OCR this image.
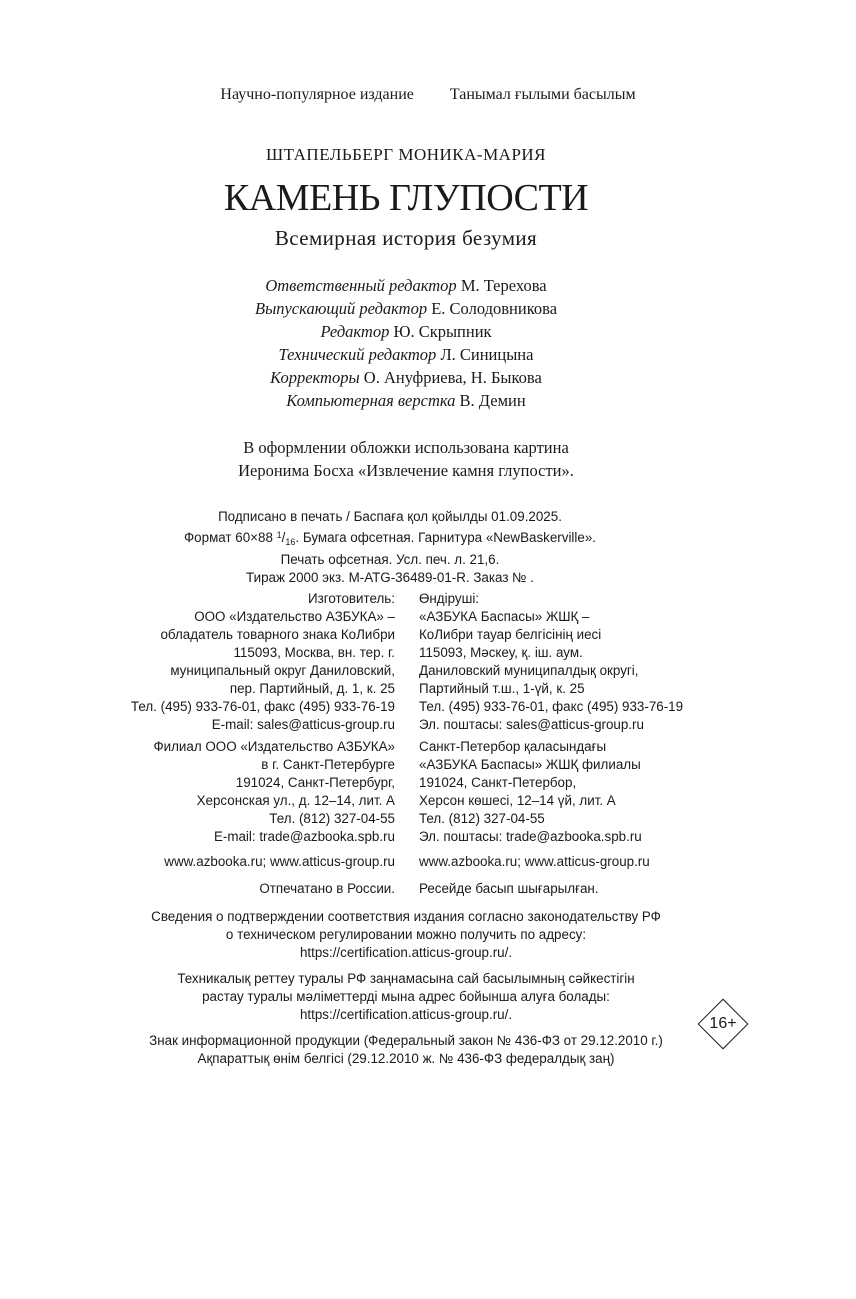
Научно-популярное издание Танымал ғылыми басылым
ШТАПЕЛЬБЕРГ МОНИКА-МАРИЯ
КАМЕНЬ ГЛУПОСТИ
Всемирная история безумия
Ответственный редактор М. Терехова
Выпускающий редактор Е. Солодовникова
Редактор Ю. Скрыпник
Технический редактор Л. Синицына
Корректоры О. Ануфриева, Н. Быкова
Компьютерная верстка В. Демин
В оформлении обложки использована картина
Иеронима Босха «Извлечение камня глупости».
Подписано в печать / Баспаға қол қойылды 01.09.2025.
Формат 60×88 $^1/_{16}$. Бумага офсетная. Гарнитура «NewBaskerville».
Печать офсетная. Усл. печ. л. 21,6.
Тираж 2000 экз. M-ATG-36489-01-R. Заказ № .
Изготовитель:
ООО «Издательство АЗБУКА» –
обладатель товарного знака КоЛибри
115093, Москва, вн. тер. г.
муниципальный округ Даниловский,
пер. Партийный, д. 1, к. 25
Тел. (495) 933-76-01, факс (495) 933-76-19
E-mail: sales@atticus-group.ru
Өндіруші:
«АЗБУКА Баспасы» ЖШҚ –
КоЛибри тауар белгісінің иесі
115093, Мәскеу, қ. іш. аум.
Даниловский муниципалдық округі,
Партийный т.ш., 1-үй, к. 25
Тел. (495) 933-76-01, факс (495) 933-76-19
Эл. поштасы: sales@atticus-group.ru
Филиал ООО «Издательство АЗБУКА»
в г. Санкт-Петербурге
191024, Санкт-Петербург,
Херсонская ул., д. 12–14, лит. А
Тел. (812) 327-04-55
E-mail: trade@azbooka.spb.ru
Санкт-Петербор қаласындағы
«АЗБУКА Баспасы» ЖШҚ филиалы
191024, Санкт-Петербор,
Херсон көшесі, 12–14 үй, лит. А
Тел. (812) 327-04-55
Эл. поштасы: trade@azbooka.spb.ru
www.azbooka.ru; www.atticus-group.ru www.azbooka.ru; www.atticus-group.ru
Отпечатано в России. Ресейде басып шығарылған.
Сведения о подтверждении соответствия издания согласно законодательству РФ
о техническом регулировании можно получить по адресу:
https://certification.atticus-group.ru/.
Техникалық реттеу туралы РФ заңнамасына сай басылымның сәйкестігін
растау туралы мәліметтерді мына адрес бойынша алуға болады:
https://certification.atticus-group.ru/.
Знак информационной продукции (Федеральный закон № 436-ФЗ от 29.12.2010 г.)
Ақпараттық өнім белгісі (29.12.2010 ж. № 436-ФЗ федералдық заң)
16+
